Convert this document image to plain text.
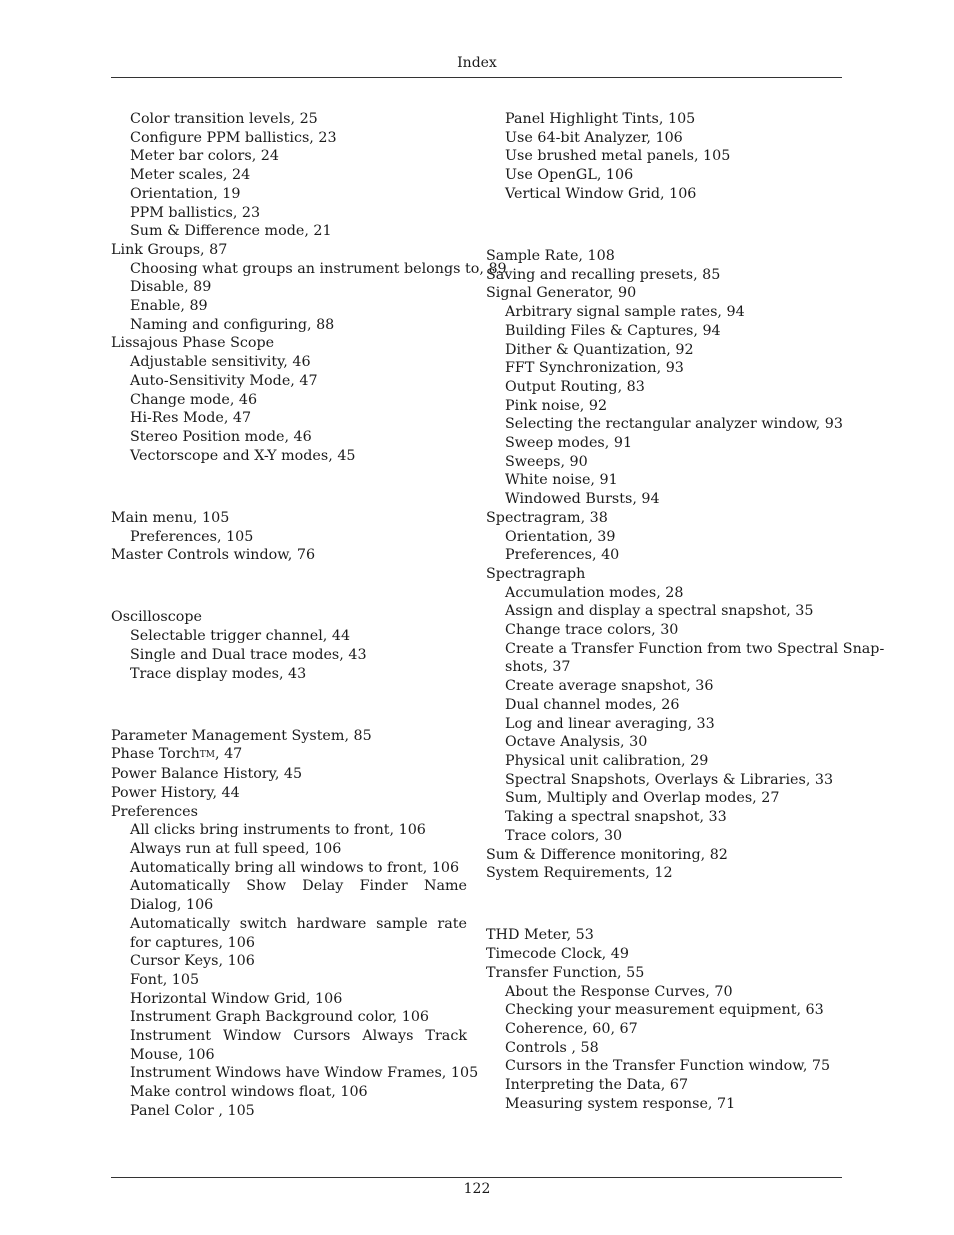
Index
Color transition levels, 25
Configure PPM ballistics, 23
Meter bar colors, 24
Meter scales, 24
Orientation, 19
PPM ballistics, 23
Sum & Difference mode, 21
Link Groups, 87
Choosing what groups an instrument belongs to, 89
Disable, 89
Enable, 89
Naming and configuring, 88
Lissajous Phase Scope
Adjustable sensitivity, 46
Auto-Sensitivity Mode, 47
Change mode, 46
Hi-Res Mode, 47
Stereo Position mode, 46
Vectorscope and X-Y modes, 45
Main menu, 105
Preferences, 105
Master Controls window, 76
Oscilloscope
Selectable trigger channel, 44
Single and Dual trace modes, 43
Trace display modes, 43
Parameter Management System, 85
Phase TorchTM, 47
Power Balance History, 45
Power History, 44
Preferences
All clicks bring instruments to front, 106
Always run at full speed, 106
Automatically bring all windows to front, 106
Automatically Show Delay Finder Name Dialog, 106
Automatically switch hardware sample rate for captures, 106
Cursor Keys, 106
Font, 105
Horizontal Window Grid, 106
Instrument Graph Background color, 106
Instrument Window Cursors Always Track Mouse, 106
Instrument Windows have Window Frames, 105
Make control windows float, 106
Panel Color , 105
Panel Highlight Tints, 105
Use 64-bit Analyzer, 106
Use brushed metal panels, 105
Use OpenGL, 106
Vertical Window Grid, 106
Sample Rate, 108
Saving and recalling presets, 85
Signal Generator, 90
Arbitrary signal sample rates, 94
Building Files & Captures, 94
Dither & Quantization, 92
FFT Synchronization, 93
Output Routing, 83
Pink noise, 92
Selecting the rectangular analyzer window, 93
Sweep modes, 91
Sweeps, 90
White noise, 91
Windowed Bursts, 94
Spectragram, 38
Orientation, 39
Preferences, 40
Spectragraph
Accumulation modes, 28
Assign and display a spectral snapshot, 35
Change trace colors, 30
Create a Transfer Function from two Spectral Snap-
shots, 37
Create average snapshot, 36
Dual channel modes, 26
Log and linear averaging, 33
Octave Analysis, 30
Physical unit calibration, 29
Spectral Snapshots, Overlays & Libraries, 33
Sum, Multiply and Overlap modes, 27
Taking a spectral snapshot, 33
Trace colors, 30
Sum & Difference monitoring, 82
System Requirements, 12
THD Meter, 53
Timecode Clock, 49
Transfer Function, 55
About the Response Curves, 70
Checking your measurement equipment, 63
Coherence, 60, 67
Controls , 58
Cursors in the Transfer Function window, 75
Interpreting the Data, 67
Measuring system response, 71
122
